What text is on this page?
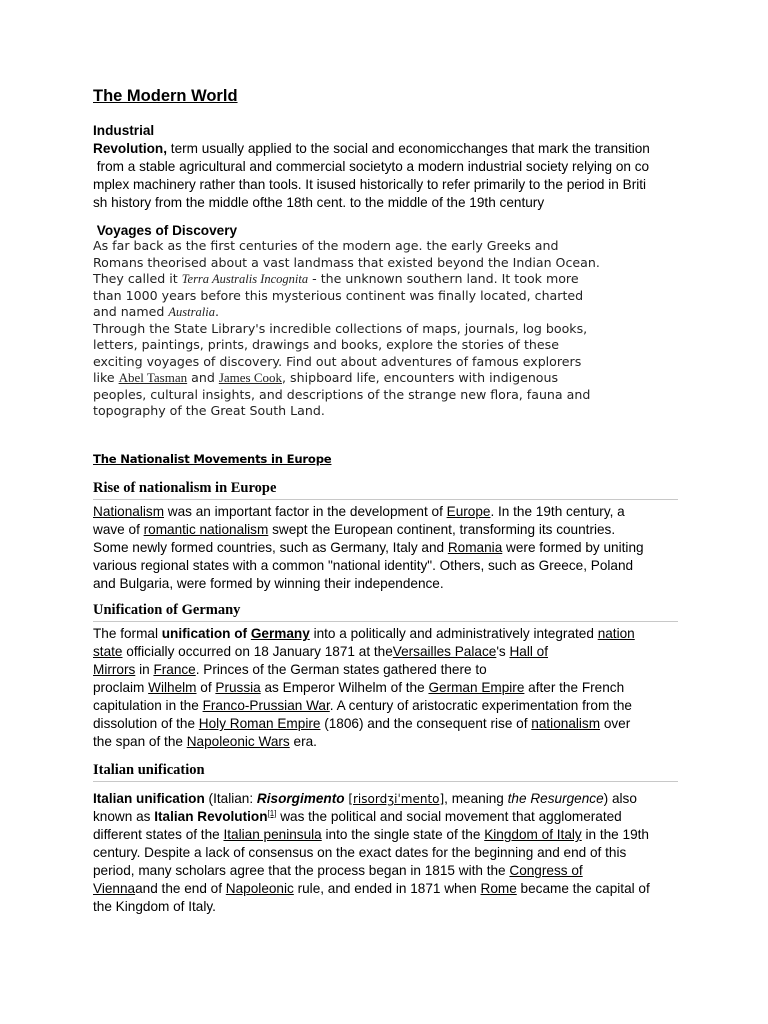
The Modern World
Industrial
Revolution, term usually applied to the social and economicchanges that mark the transition
from a stable agricultural and commercial societyto a modern industrial society relying on co
mplex machinery rather than tools. It isused historically to refer primarily to the period in Briti
sh history from the middle ofthe 18th cent. to the middle of the 19th century
Voyages of Discovery
As far back as the first centuries of the modern age. the early Greeks and
Romans theorised about a vast landmass that existed beyond the Indian Ocean.
They called it Terra Australis Incognita - the unknown southern land. It took more
than 1000 years before this mysterious continent was finally located, charted
and named Australia.
Through the State Library's incredible collections of maps, journals, log books,
letters, paintings, prints, drawings and books, explore the stories of these
exciting voyages of discovery. Find out about adventures of famous explorers
like Abel Tasman and James Cook, shipboard life, encounters with indigenous
peoples, cultural insights, and descriptions of the strange new flora, fauna and
topography of the Great South Land.
The Nationalist Movements in Europe
Rise of nationalism in Europe
Nationalism was an important factor in the development of Europe. In the 19th century, a
wave of romantic nationalism swept the European continent, transforming its countries.
Some newly formed countries, such as Germany, Italy and Romania were formed by uniting
various regional states with a common "national identity". Others, such as Greece, Poland
and Bulgaria, were formed by winning their independence.
Unification of Germany
The formal unification of Germany into a politically and administratively integrated nation
state officially occurred on 18 January 1871 at theVersailles Palace's Hall of
Mirrors in France. Princes of the German states gathered there to
proclaim Wilhelm of Prussia as Emperor Wilhelm of the German Empire after the French
capitulation in the Franco-Prussian War. A century of aristocratic experimentation from the
dissolution of the Holy Roman Empire (1806) and the consequent rise of nationalism over
the span of the Napoleonic Wars era.
Italian unification
Italian unification (Italian: Risorgimento [risordʒiˈmento], meaning the Resurgence) also
known as Italian Revolution[1] was the political and social movement that agglomerated
different states of the Italian peninsula into the single state of the Kingdom of Italy in the 19th
century. Despite a lack of consensus on the exact dates for the beginning and end of this
period, many scholars agree that the process began in 1815 with the Congress of
Viennaand the end of Napoleonic rule, and ended in 1871 when Rome became the capital of
the Kingdom of Italy.
